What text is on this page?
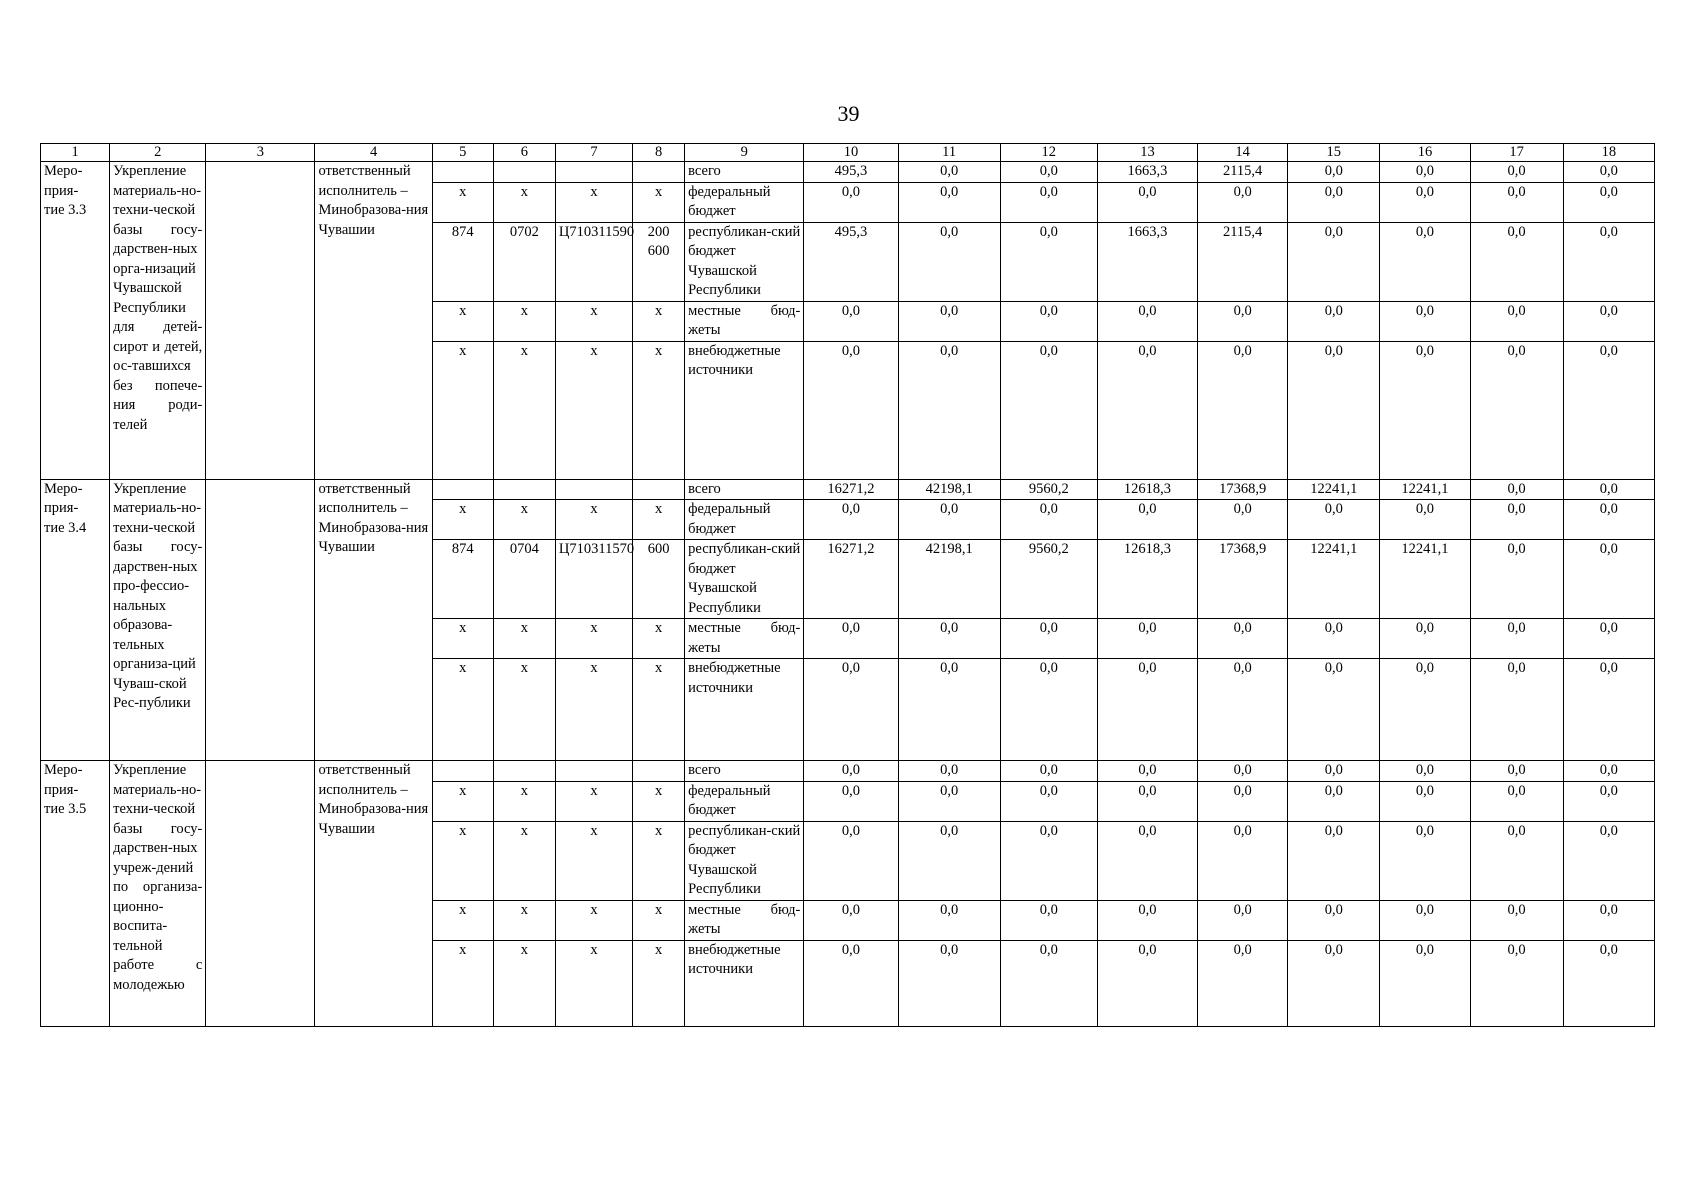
39
1	2	3	4	5	6	7	8	9	10	11	12	13	14	15	16	17	18
Меро-
прия-
тие 3.3	Укрепление материаль-но-техни-ческой базы госу-дарствен-ных орга-низаций Чувашской Республики для детей-сирот и детей, ос-тавшихся без попече-ния роди-телей		ответственный исполнитель – Минобразова-ния Чувашии					всего	495,3	0,0	0,0	1663,3	2115,4	0,0	0,0	0,0	0,0
				x	x	x	x	федеральный бюджет	0,0	0,0	0,0	0,0	0,0	0,0	0,0	0,0	0,0
				874	0702	Ц710311590	200 600	республикан-ский бюджет Чувашской Республики	495,3	0,0	0,0	1663,3	2115,4	0,0	0,0	0,0	0,0
				x	x	x	x	местные бюд-жеты	0,0	0,0	0,0	0,0	0,0	0,0	0,0	0,0	0,0
				x	x	x	x	внебюджетные источники	0,0	0,0	0,0	0,0	0,0	0,0	0,0	0,0	0,0
Меро-
прия-
тие 3.4	Укрепление материаль-но-техни-ческой базы госу-дарствен-ных про-фессио-нальных образова-тельных организа-ций Чуваш-ской Рес-публики		ответственный исполнитель – Минобразова-ния Чувашии					всего	16271,2	42198,1	9560,2	12618,3	17368,9	12241,1	12241,1	0,0	0,0
				x	x	x	x	федеральный бюджет	0,0	0,0	0,0	0,0	0,0	0,0	0,0	0,0	0,0
				874	0704	Ц710311570	600	республикан-ский бюджет Чувашской Республики	16271,2	42198,1	9560,2	12618,3	17368,9	12241,1	12241,1	0,0	0,0
				x	x	x	x	местные бюд-жеты	0,0	0,0	0,0	0,0	0,0	0,0	0,0	0,0	0,0
				x	x	x	x	внебюджетные источники	0,0	0,0	0,0	0,0	0,0	0,0	0,0	0,0	0,0
Меро-
прия-
тие 3.5	Укрепление материаль-но-техни-ческой базы госу-дарствен-ных учреж-дений по организа-ционно-воспита-тельной работе с молодежью		ответственный исполнитель – Минобразова-ния Чувашии					всего	0,0	0,0	0,0	0,0	0,0	0,0	0,0	0,0	0,0
				x	x	x	x	федеральный бюджет	0,0	0,0	0,0	0,0	0,0	0,0	0,0	0,0	0,0
				x	x	x	x	республикан-ский бюджет Чувашской Республики	0,0	0,0	0,0	0,0	0,0	0,0	0,0	0,0	0,0
				x	x	x	x	местные бюд-жеты	0,0	0,0	0,0	0,0	0,0	0,0	0,0	0,0	0,0
				x	x	x	x	внебюджетные источники	0,0	0,0	0,0	0,0	0,0	0,0	0,0	0,0	0,0
